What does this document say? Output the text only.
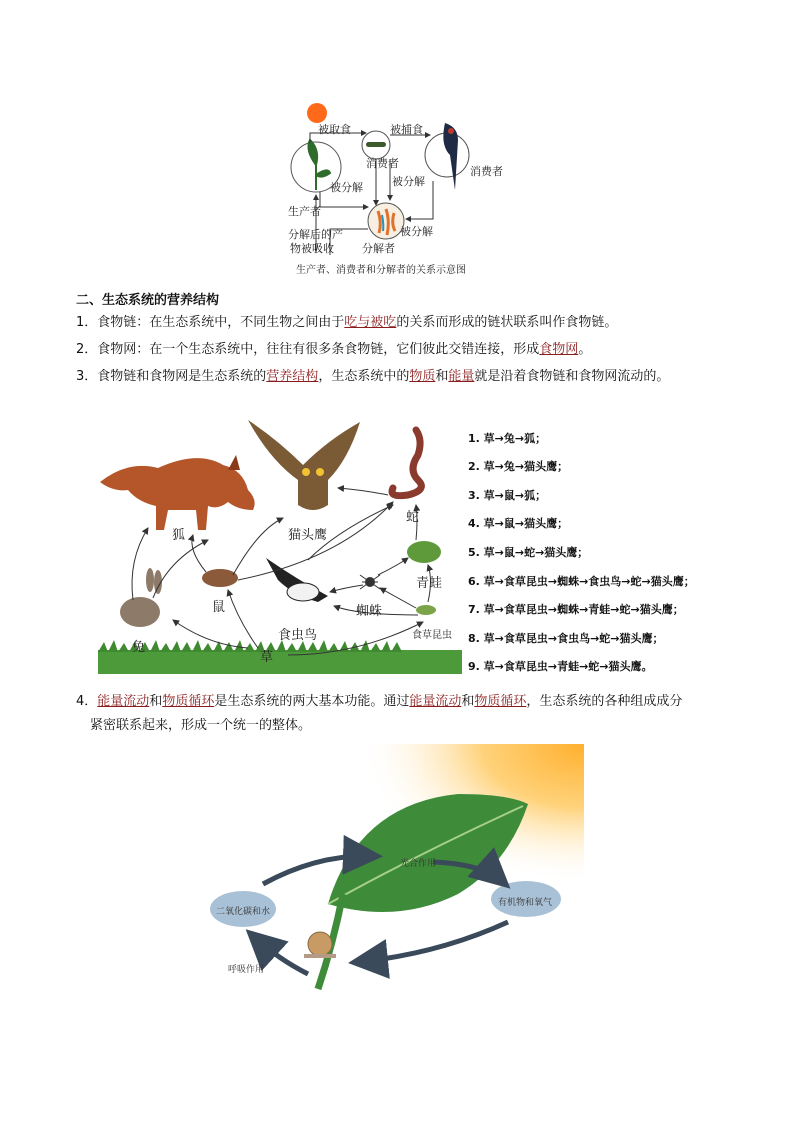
被取食	被捕食
消费者
消费者
被分解	被分解
生产者
被分解
分解后的产
物被吸收	分解者
生产者、消费者和分解者的关系示意图
二、生态系统的营养结构
1．食物链：在生态系统中，不同生物之间由于吃与被吃的关系而形成的链状联系叫作食物链。
2．食物网：在一个生态系统中，往往有很多条食物链，它们彼此交错连接，形成食物网。
3．食物链和食物网是生态系统的营养结构，生态系统中的物质和能量就是沿着食物链和食物网流动的。
狐	猫头鹰
蛇
青蛙
鼠	蜘蛛
兔
食虫鸟	食草昆虫
草
1. 草→兔→狐；
2. 草→兔→猫头鹰；
3. 草→鼠→狐；
4. 草→鼠→猫头鹰；
5. 草→鼠→蛇→猫头鹰；
6. 草→食草昆虫→蜘蛛→食虫鸟→蛇→猫头鹰；
7. 草→食草昆虫→蜘蛛→青蛙→蛇→猫头鹰；
8. 草→食草昆虫→食虫鸟→蛇→猫头鹰；
9. 草→食草昆虫→青蛙→蛇→猫头鹰。
4．能量流动和物质循环是生态系统的两大基本功能。通过能量流动和物质循环，生态系统的各种组成成分
紧密联系起来，形成一个统一的整体。
光合作用
有机物和氧气
二氧化碳和水
呼吸作用
